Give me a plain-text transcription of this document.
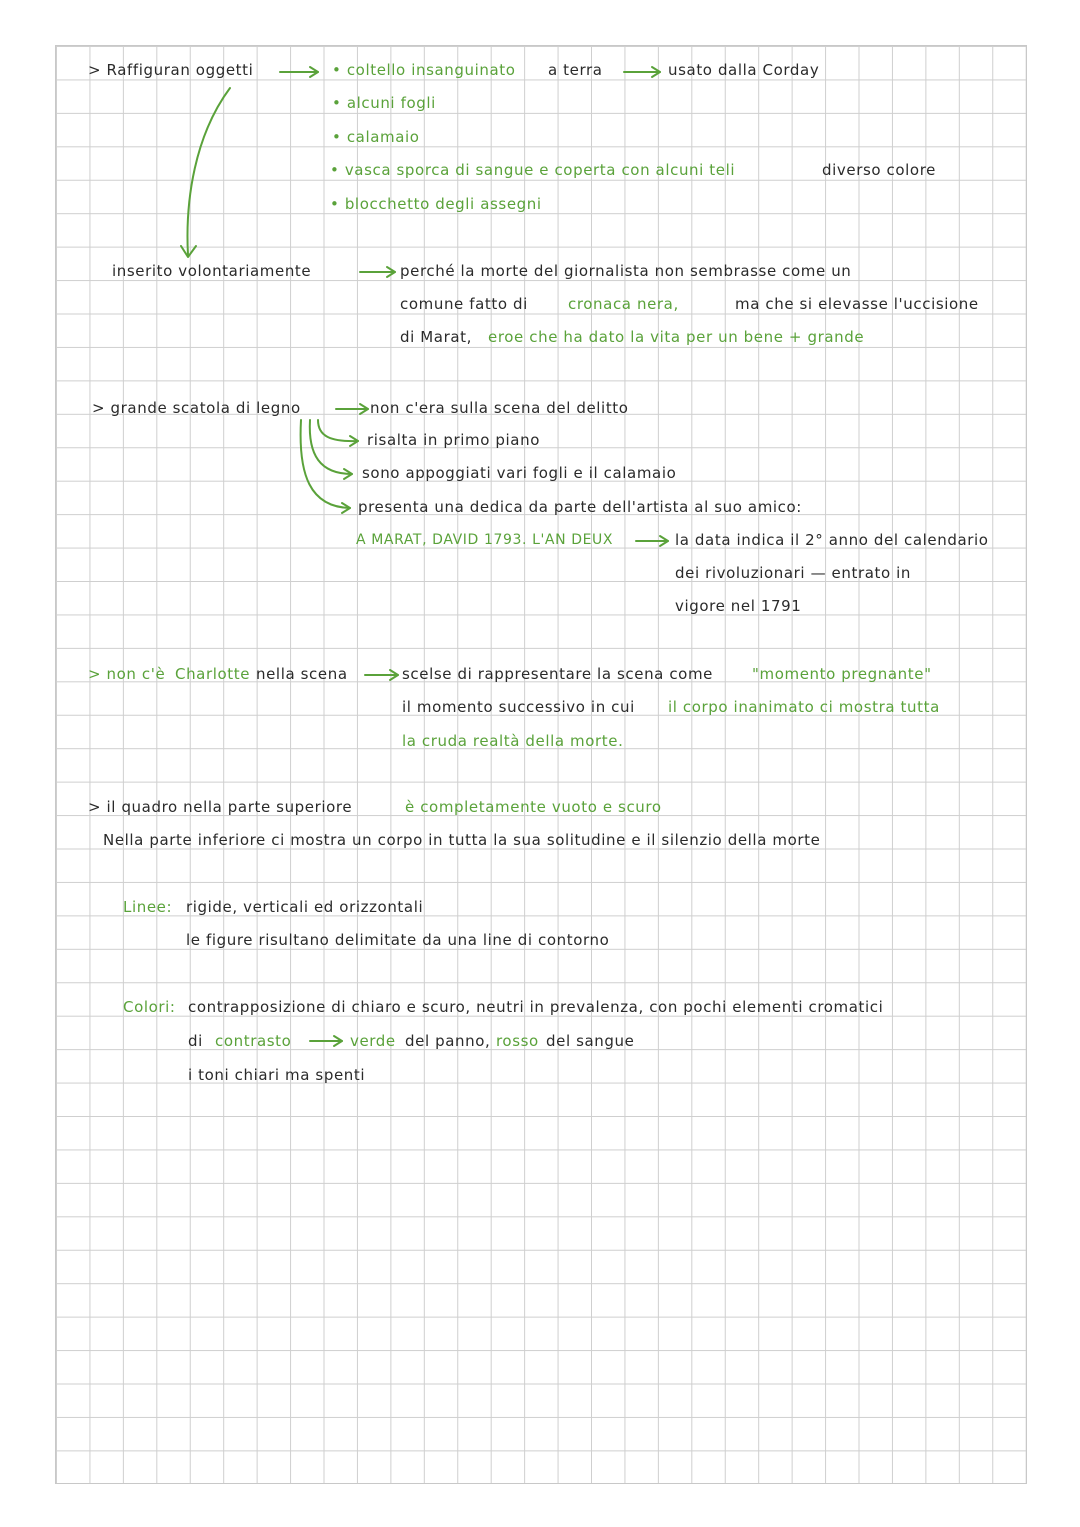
> Raffiguran oggetti	• coltello insanguinato a terra	usato dalla Corday
• alcuni fogli
• calamaio
• vasca sporca di sangue e coperta con alcuni teli	diverso colore
• blocchetto degli assegni
inserito volontariamente	perché la morte del giornalista non sembrasse come un
comune fatto di	cronaca nera,	ma che si elevasse l'uccisione
di Marat, eroe che ha dato la vita per un bene + grande
> grande scatola di legno	non c'era sulla scena del delitto
risalta in primo piano
sono appoggiati vari fogli e il calamaio
presenta una dedica da parte dell'artista al suo amico:
A MARAT, DAVID 1793. L'AN DEUX	la data indica il 2° anno del calendario
dei rivoluzionari — entrato in
vigore nel 1791
> non c'è Charlotte nella scena	scelse di rappresentare la scena come	"momento pregnante"
il momento successivo in cui il corpo inanimato ci mostra tutta
la cruda realtà della morte.
> il quadro nella parte superiore	è completamente vuoto e scuro
Nella parte inferiore ci mostra un corpo in tutta la sua solitudine e il silenzio della morte
Linee: rigide, verticali ed orizzontali
le figure risultano delimitate da una line di contorno
Colori: contrapposizione di chiaro e scuro, neutri in prevalenza, con pochi elementi cromatici
di contrasto	verde del panno, rosso del sangue
i toni chiari ma spenti
